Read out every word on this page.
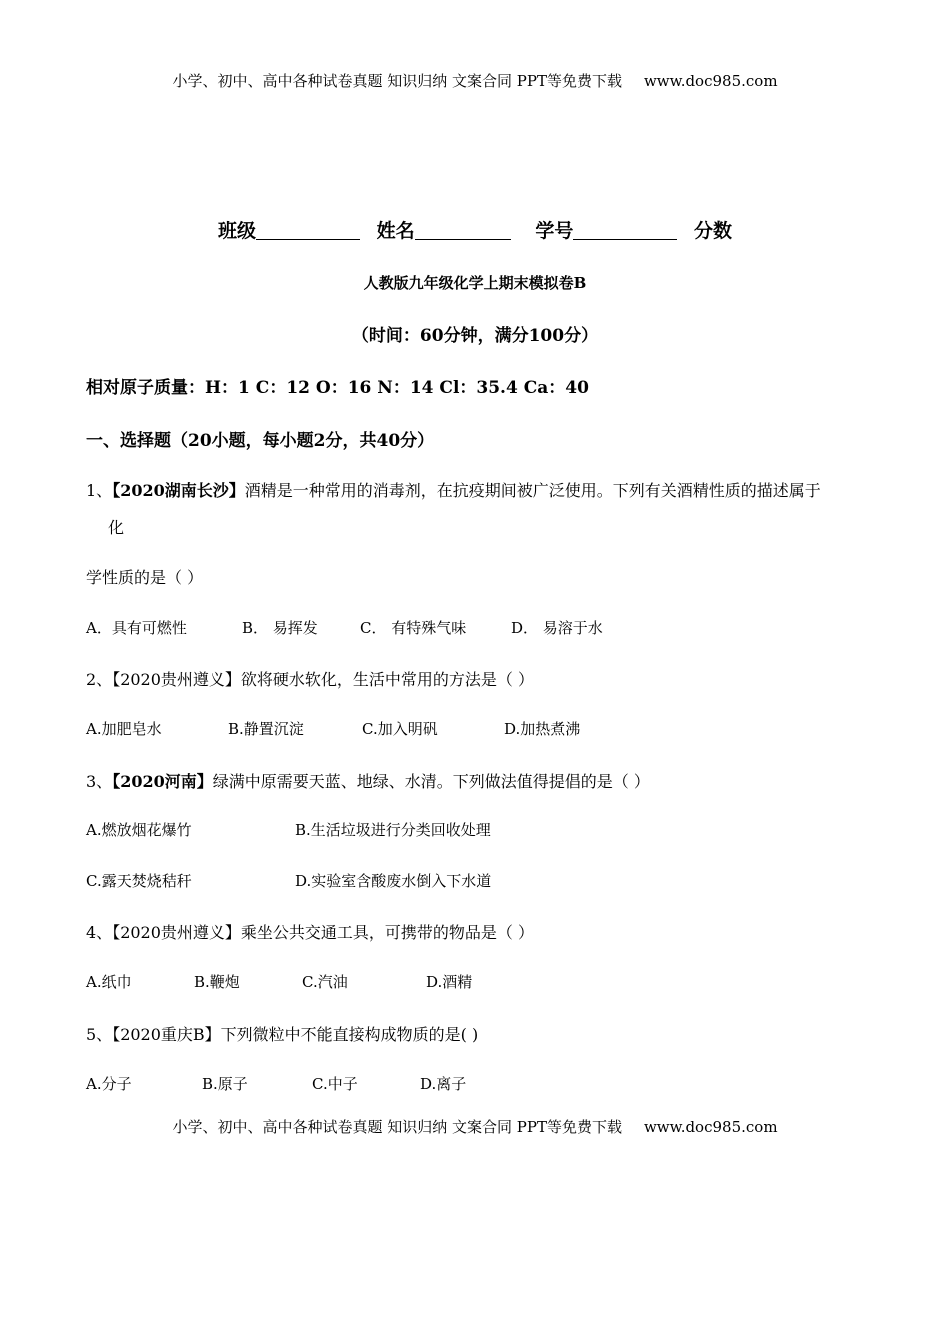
小学、初中、高中各种试卷真题 知识归纳 文案合同 PPT等免费下载 www.doc985.com
班级	姓名	学号	分数
人教版九年级化学上期末模拟卷B
（时间：60分钟，满分100分）
相对原子质量：H：1 C：12 O：16 N：14 Cl：35.4 Ca：40
一、选择题（20小题，每小题2分，共40分）
1、【2020湖南长沙】酒精是一种常用的消毒剂，在抗疫期间被广泛使用。下列有关酒精性质的描述属于
化
学性质的是（ ）
A．具有可燃性	B． 易挥发	C． 有特殊气味	D． 易溶于水
2、【2020贵州遵义】欲将硬水软化，生活中常用的方法是（ ）
A.加肥皂水	B.静置沉淀	C.加入明矾	D.加热煮沸
3、【2020河南】绿满中原需要天蓝、地绿、水清。下列做法值得提倡的是（ ）
A.燃放烟花爆竹	B.生活垃圾进行分类回收处理
C.露天焚烧秸秆	D.实验室含酸废水倒入下水道
4、【2020贵州遵义】乘坐公共交通工具，可携带的物品是（ ）
A.纸巾	B.鞭炮	C.汽油	D.酒精
5、【2020重庆B】下列微粒中不能直接构成物质的是( )
A.分子	B.原子	C.中子	D.离子
小学、初中、高中各种试卷真题 知识归纳 文案合同 PPT等免费下载 www.doc985.com
